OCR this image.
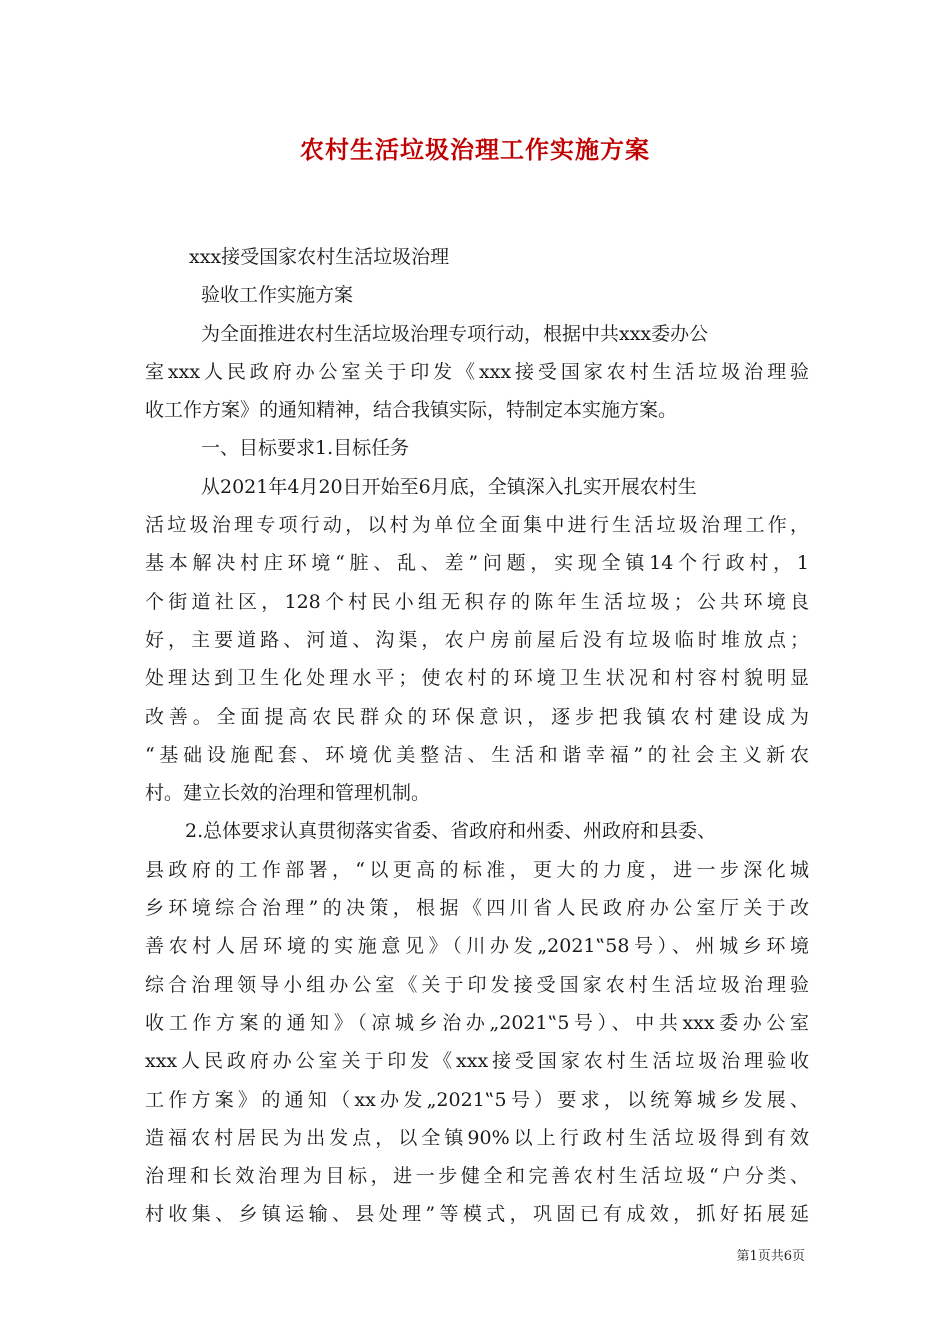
农村生活垃圾治理工作实施方案

xxx接受国家农村生活垃圾治理

验收工作实施方案

为全面推进农村生活垃圾治理专项行动，根据中共xxx委办公

室xxx人民政府办公室关于印发《xxx接受国家农村生活垃圾治理验

收工作方案》的通知精神，结合我镇实际，特制定本实施方案。

一、目标要求1.目标任务

从2021年4月20日开始至6月底，全镇深入扎实开展农村生

活垃圾治理专项行动，以村为单位全面集中进行生活垃圾治理工作，

基本解决村庄环境“脏、乱、差”问题，实现全镇14个行政村，1

个街道社区，128个村民小组无积存的陈年生活垃圾；公共环境良

好，主要道路、河道、沟渠，农户房前屋后没有垃圾临时堆放点；

处理达到卫生化处理水平；使农村的环境卫生状况和村容村貌明显

改善。全面提高农民群众的环保意识，逐步把我镇农村建设成为

“基础设施配套、环境优美整洁、生活和谐幸福”的社会主义新农

村。建立长效的治理和管理机制。

2.总体要求认真贯彻落实省委、省政府和州委、州政府和县委、

县政府的工作部署，“以更高的标准，更大的力度，进一步深化城

乡环境综合治理”的决策，根据《四川省人民政府办公室厅关于改

善农村人居环境的实施意见》（川办发„2021‟58号）、州城乡环境

综合治理领导小组办公室《关于印发接受国家农村生活垃圾治理验

收工作方案的通知》（凉城乡治办„2021‟5号）、中共xxx委办公室

xxx人民政府办公室关于印发《xxx接受国家农村生活垃圾治理验收

工作方案》的通知（xx办发„2021‟5号）要求，以统筹城乡发展、

造福农村居民为出发点，以全镇90%以上行政村生活垃圾得到有效

治理和长效治理为目标，进一步健全和完善农村生活垃圾“户分类、

村收集、乡镇运输、县处理”等模式，巩固已有成效，抓好拓展延

第1页共6页
